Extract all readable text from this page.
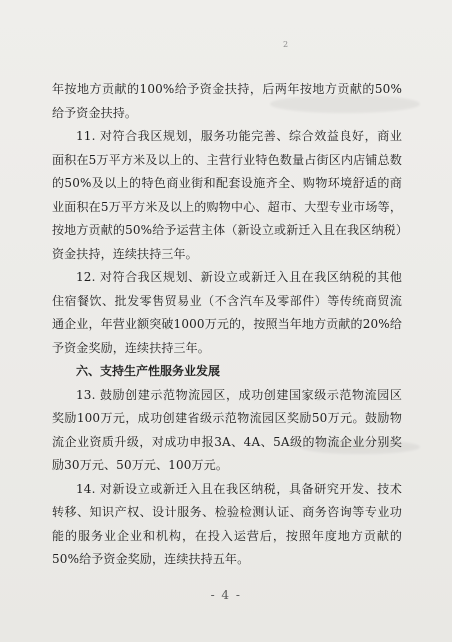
2

年按地方贡献的100%给予资金扶持，后两年按地方贡献的50%给予资金扶持。

11. 对符合我区规划，服务功能完善、综合效益良好，商业面积在5万平方米及以上的、主营行业特色数量占街区内店铺总数的50%及以上的特色商业街和配套设施齐全、购物环境舒适的商业面积在5万平方米及以上的购物中心、超市、大型专业市场等，按地方贡献的50%给予运营主体（新设立或新迁入且在我区纳税）资金扶持，连续扶持三年。

12. 对符合我区规划、新设立或新迁入且在我区纳税的其他住宿餐饮、批发零售贸易业（不含汽车及零部件）等传统商贸流通企业，年营业额突破1000万元的，按照当年地方贡献的20%给予资金奖励，连续扶持三年。

六、支持生产性服务业发展

13. 鼓励创建示范物流园区，成功创建国家级示范物流园区奖励100万元，成功创建省级示范物流园区奖励50万元。鼓励物流企业资质升级，对成功申报3A、4A、5A级的物流企业分别奖励30万元、50万元、100万元。

14. 对新设立或新迁入且在我区纳税，具备研究开发、技术转移、知识产权、设计服务、检验检测认证、商务咨询等专业功能的服务业企业和机构，在投入运营后，按照年度地方贡献的50%给予资金奖励，连续扶持五年。

- 4 -
